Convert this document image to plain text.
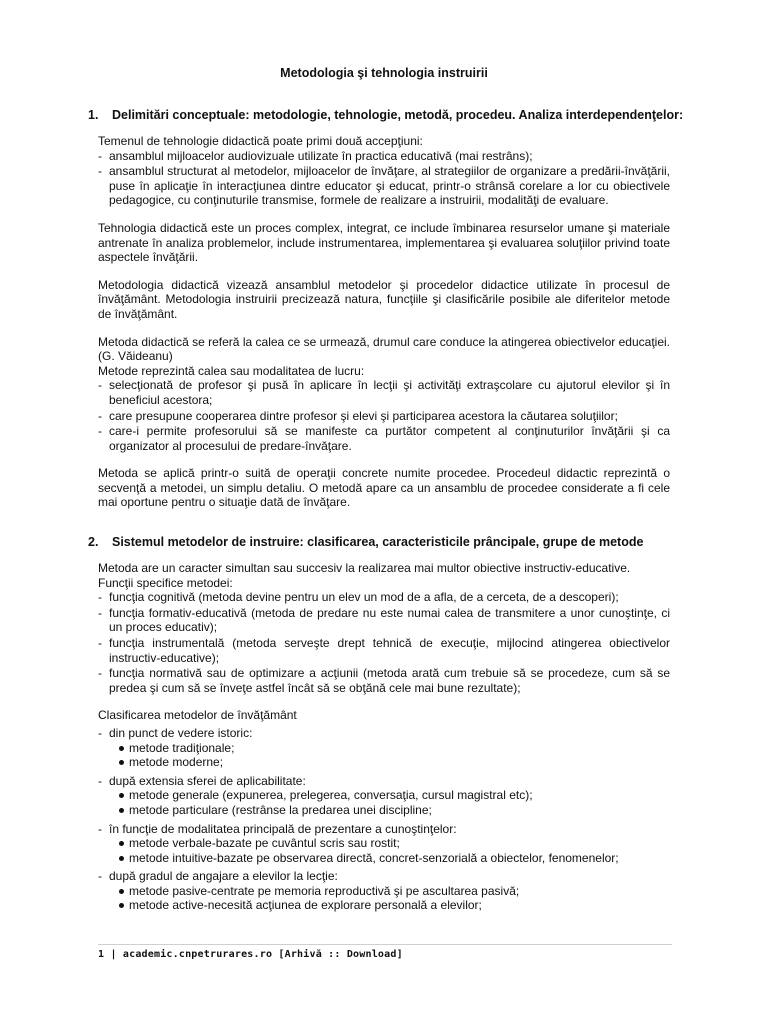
Metodologia şi tehnologia instruirii
1. Delimitări conceptuale: metodologie, tehnologie, metodă, procedeu. Analiza interdependenţelor:

Temenul de tehnologie didactică poate primi două accepţiuni:

- ansamblul mijloacelor audiovizuale utilizate în practica educativă (mai restrâns);
- ansamblul structurat al metodelor, mijloacelor de învăţare, al strategiilor de organizare a predării-învăţării, puse în aplicaţie în interacţiunea dintre educator şi educat, printr-o strânsă corelare a lor cu obiectivele pedagogice, cu conţinuturile transmise, formele de realizare a instruirii, modalităţi de evaluare.

Tehnologia didactică este un proces complex, integrat, ce include îmbinarea resurselor umane şi materiale antrenate în analiza problemelor, include instrumentarea, implementarea şi evaluarea soluţiilor privind toate aspectele învăţării.

Metodologia didactică vizează ansamblul metodelor şi procedelor didactice utilizate în procesul de învăţământ. Metodologia instruirii precizează natura, funcţiile şi clasificările posibile ale diferitelor metode de învăţământ.

Metoda didactică se referă la calea ce se urmează, drumul care conduce la atingerea obiectivelor educaţiei. (G. Văideanu)

Metode reprezintă calea sau modalitatea de lucru:

- selecţionată de profesor şi pusă în aplicare în lecţii şi activităţi extraşcolare cu ajutorul elevilor şi în beneficiul acestora;
- care presupune cooperarea dintre profesor şi elevi şi participarea acestora la căutarea soluţiilor;
- care-i permite profesorului să se manifeste ca purtător competent al conţinuturilor învăţării şi ca organizator al procesului de predare-învăţare.

Metoda se aplică printr-o suită de operaţii concrete numite procedee. Procedeul didactic reprezintă o secvenţă a metodei, un simplu detaliu. O metodă apare ca un ansamblu de procedee considerate a fi cele mai oportune pentru o situaţie dată de învăţare.

2. Sistemul metodelor de instruire: clasificarea, caracteristicile prâncipale, grupe de metode

Metoda are un caracter simultan sau succesiv la realizarea mai multor obiective instructiv-educative.

Funcţii specifice metodei:

- funcţia cognitivă (metoda devine pentru un elev un mod de a afla, de a cerceta, de a descoperi);
- funcţia formativ-educativă (metoda de predare nu este numai calea de transmitere a unor cunoştinţe, ci un proces educativ);
- funcţia instrumentală (metoda serveşte drept tehnică de execuţie, mijlocind atingerea obiectivelor instructiv-educative);
- funcţia normativă sau de optimizare a acţiunii (metoda arată cum trebuie să se procedeze, cum să se predea şi cum să se înveţe astfel încât să se obţănă cele mai bune rezultate);

Clasificarea metodelor de învăţământ

- din punct de vedere istoric:
metode tradiţionale;
metode moderne;
- după extensia sferei de aplicabilitate:
metode generale (expunerea, prelegerea, conversaţia, cursul magistral etc);
metode particulare (restrânse la predarea unei discipline;
- în funcţie de modalitatea principală de prezentare a cunoştinţelor:
metode verbale-bazate pe cuvântul scris sau rostit;
metode intuitive-bazate pe observarea directă, concret-senzorială a obiectelor, fenomenelor;
- după gradul de angajare a elevilor la lecţie:
metode pasive-centrate pe memoria reproductivă şi pe ascultarea pasivă;
metode active-necesită acţiunea de explorare personală a elevilor;
1 | academic.cnpetrurares.ro [Arhivă :: Download]
